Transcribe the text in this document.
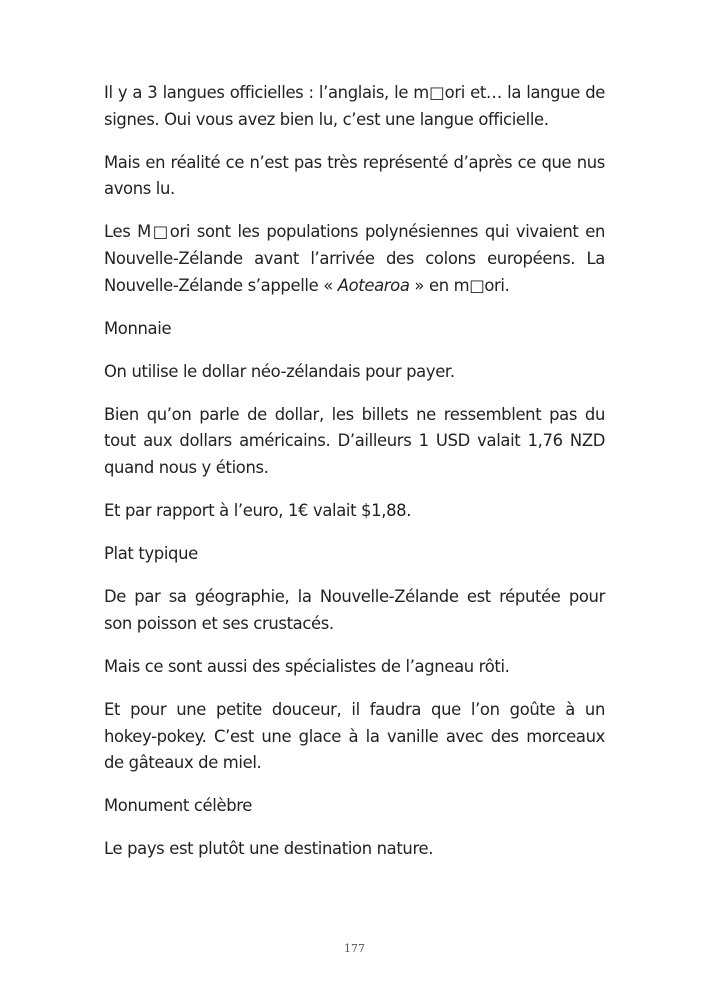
Il y a 3 langues officielles : l’anglais, le m□ori et… la langue de signes. Oui vous avez bien lu, c’est une langue officielle.

Mais en réalité ce n’est pas très représenté d’après ce que nus avons lu.

Les M□ori sont les populations polynésiennes qui vivaient en Nouvelle-Zélande avant l’arrivée des colons européens. La Nouvelle-Zélande s’appelle « Aotearoa » en m□ori.

Monnaie

On utilise le dollar néo-zélandais pour payer.

Bien qu’on parle de dollar, les billets ne ressemblent pas du tout aux dollars américains. D’ailleurs 1 USD valait 1,76 NZD quand nous y étions.

Et par rapport à l’euro, 1€ valait $1,88.

Plat typique

De par sa géographie, la Nouvelle-Zélande est réputée pour son poisson et ses crustacés.

Mais ce sont aussi des spécialistes de l’agneau rôti.

Et pour une petite douceur, il faudra que l’on goûte à un hokey-pokey. C’est une glace à la vanille avec des morceaux de gâteaux de miel.

Monument célèbre

Le pays est plutôt une destination nature.

177
